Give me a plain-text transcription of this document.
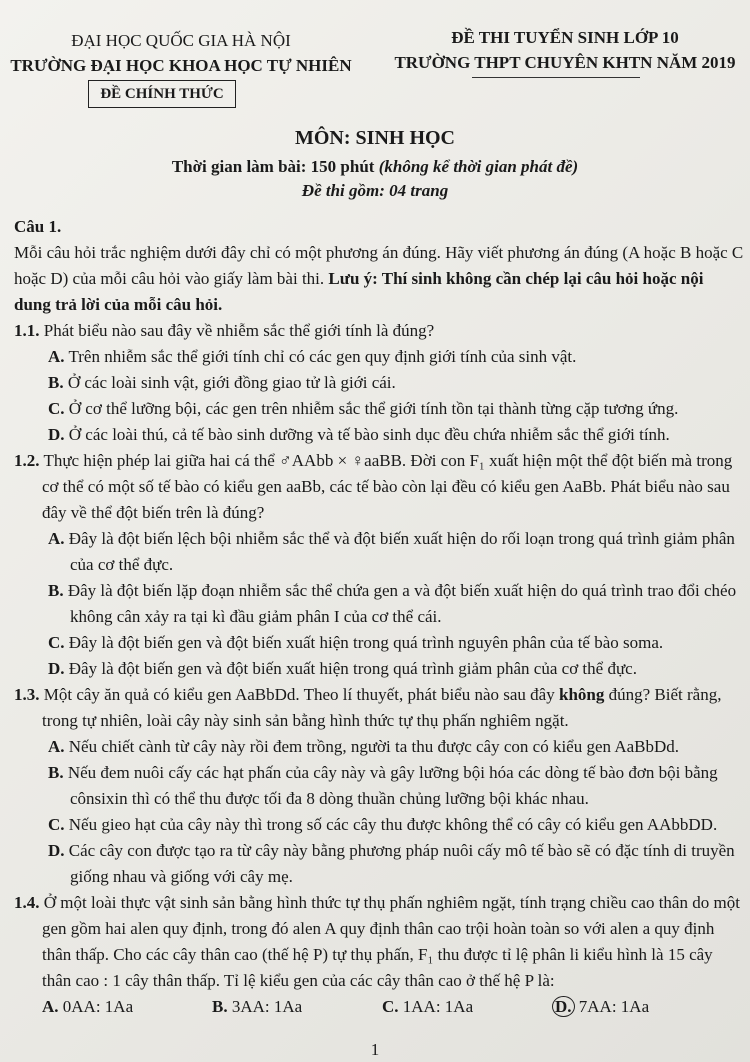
ĐẠI HỌC QUỐC GIA HÀ NỘI
TRƯỜNG ĐẠI HỌC KHOA HỌC TỰ NHIÊN
ĐỀ CHÍNH THỨC
ĐỀ THI TUYỂN SINH LỚP 10
TRƯỜNG THPT CHUYÊN KHTN NĂM 2019
MÔN: SINH HỌC
Thời gian làm bài: 150 phút (không kể thời gian phát đề)
Đề thi gồm: 04 trang

Câu 1.

Mỗi câu hỏi trắc nghiệm dưới đây chỉ có một phương án đúng. Hãy viết phương án đúng (A hoặc B hoặc C hoặc D) của mỗi câu hỏi vào giấy làm bài thi. Lưu ý: Thí sinh không cần chép lại câu hỏi hoặc nội dung trả lời của mỗi câu hỏi.

1.1. Phát biểu nào sau đây về nhiễm sắc thể giới tính là đúng?

A. Trên nhiễm sắc thể giới tính chỉ có các gen quy định giới tính của sinh vật.

B. Ở các loài sinh vật, giới đồng giao tử là giới cái.

C. Ở cơ thể lưỡng bội, các gen trên nhiễm sắc thể giới tính tồn tại thành từng cặp tương ứng.

D. Ở các loài thú, cả tế bào sinh dưỡng và tế bào sinh dục đều chứa nhiễm sắc thể giới tính.

1.2. Thực hiện phép lai giữa hai cá thể ♂AAbb × ♀aaBB. Đời con F₁ xuất hiện một thể đột biến mà trong cơ thể có một số tế bào có kiểu gen aaBb, các tế bào còn lại đều có kiểu gen AaBb. Phát biểu nào sau đây về thể đột biến trên là đúng?

A. Đây là đột biến lệch bội nhiễm sắc thể và đột biến xuất hiện do rối loạn trong quá trình giảm phân của cơ thể đực.

B. Đây là đột biến lặp đoạn nhiễm sắc thể chứa gen a và đột biến xuất hiện do quá trình trao đổi chéo không cân xảy ra tại kì đầu giảm phân I của cơ thể cái.

C. Đây là đột biến gen và đột biến xuất hiện trong quá trình nguyên phân của tế bào soma.

D. Đây là đột biến gen và đột biến xuất hiện trong quá trình giảm phân của cơ thể đực.

1.3. Một cây ăn quả có kiểu gen AaBbDd. Theo lí thuyết, phát biểu nào sau đây không đúng? Biết rằng, trong tự nhiên, loài cây này sinh sản bằng hình thức tự thụ phấn nghiêm ngặt.

A. Nếu chiết cành từ cây này rồi đem trồng, người ta thu được cây con có kiểu gen AaBbDd.

B. Nếu đem nuôi cấy các hạt phấn của cây này và gây lưỡng bội hóa các dòng tế bào đơn bội bằng cônsixin thì có thể thu được tối đa 8 dòng thuần chủng lưỡng bội khác nhau.

C. Nếu gieo hạt của cây này thì trong số các cây thu được không thể có cây có kiểu gen AAbbDD.

D. Các cây con được tạo ra từ cây này bằng phương pháp nuôi cấy mô tế bào sẽ có đặc tính di truyền giống nhau và giống với cây mẹ.

1.4. Ở một loài thực vật sinh sản bằng hình thức tự thụ phấn nghiêm ngặt, tính trạng chiều cao thân do một gen gồm hai alen quy định, trong đó alen A quy định thân cao trội hoàn toàn so với alen a quy định thân thấp. Cho các cây thân cao (thế hệ P) tự thụ phấn, F₁ thu được tỉ lệ phân li kiểu hình là 15 cây thân cao : 1 cây thân thấp. Tỉ lệ kiểu gen của các cây thân cao ở thế hệ P là:

A. 0AA: 1Aa	B. 3AA: 1Aa	C. 1AA: 1Aa	D. 7AA: 1Aa
1
